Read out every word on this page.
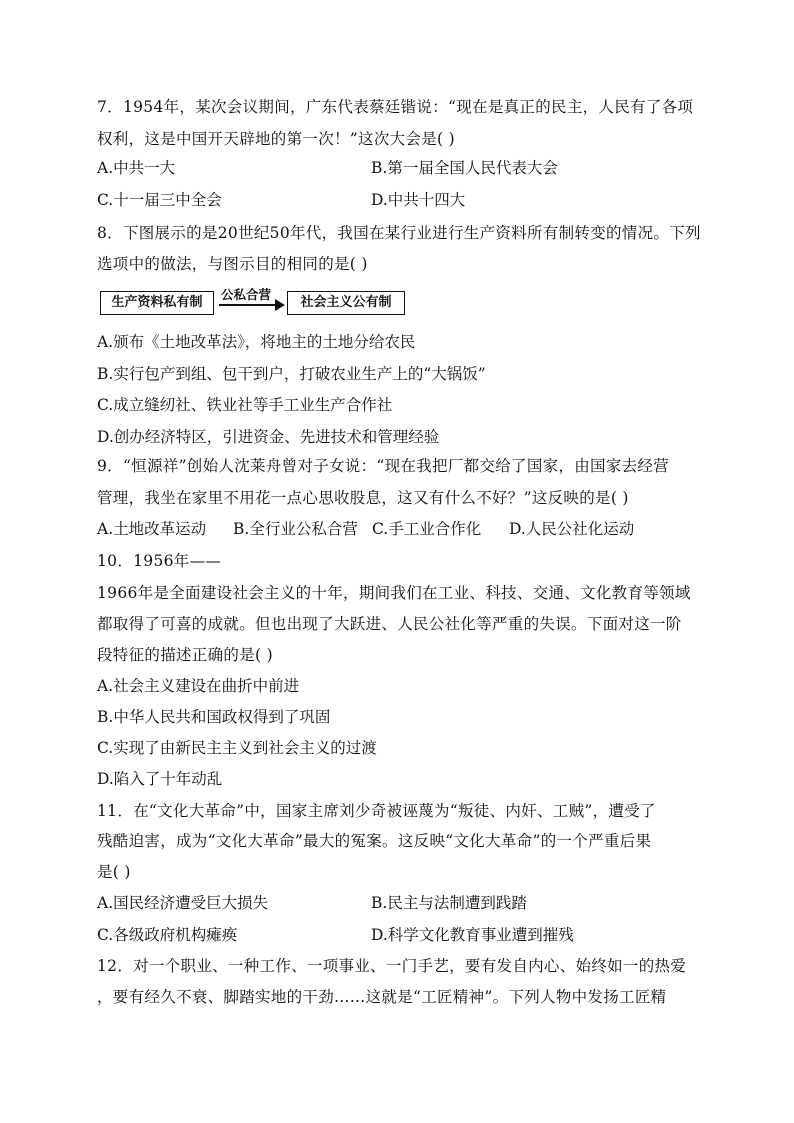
7．1954年，某次会议期间，广东代表蔡廷锴说：“现在是真正的民主，人民有了各项
权利，这是中国开天辟地的第一次！”这次大会是( )
A.中共一大	B.第一届全国人民代表大会
C.十一届三中全会	D.中共十四大
8．下图展示的是20世纪50年代，我国在某行业进行生产资料所有制转变的情况。下列
选项中的做法，与图示目的相同的是( )
生产资料私有制
公私合营
社会主义公有制
A.颁布《土地改革法》，将地主的土地分给农民
B.实行包产到组、包干到户，打破农业生产上的“大锅饭”
C.成立缝纫社、铁业社等手工业生产合作社
D.创办经济特区，引进资金、先进技术和管理经验
9．“恒源祥”创始人沈莱舟曾对子女说：“现在我把厂都交给了国家，由国家去经营
管理，我坐在家里不用花一点心思收股息，这又有什么不好？”这反映的是( )
A.土地改革运动 B.全行业公私合营 C.手工业合作化 D.人民公社化运动
10．1956年——
1966年是全面建设社会主义的十年，期间我们在工业、科技、交通、文化教育等领域
都取得了可喜的成就。但也出现了大跃进、人民公社化等严重的失误。下面对这一阶
段特征的描述正确的是( )
A.社会主义建设在曲折中前进
B.中华人民共和国政权得到了巩固
C.实现了由新民主主义到社会主义的过渡
D.陷入了十年动乱
11．在“文化大革命”中，国家主席刘少奇被诬蔑为“叛徒、内奸、工贼”，遭受了
残酷迫害，成为“文化大革命”最大的冤案。这反映“文化大革命”的一个严重后果
是( )
A.国民经济遭受巨大损失	B.民主与法制遭到践踏
C.各级政府机构瘫痪	D.科学文化教育事业遭到摧残
12．对一个职业、一种工作、一项事业、一门手艺，要有发自内心、始终如一的热爱
，要有经久不衰、脚踏实地的干劲……这就是“工匠精神”。下列人物中发扬工匠精
